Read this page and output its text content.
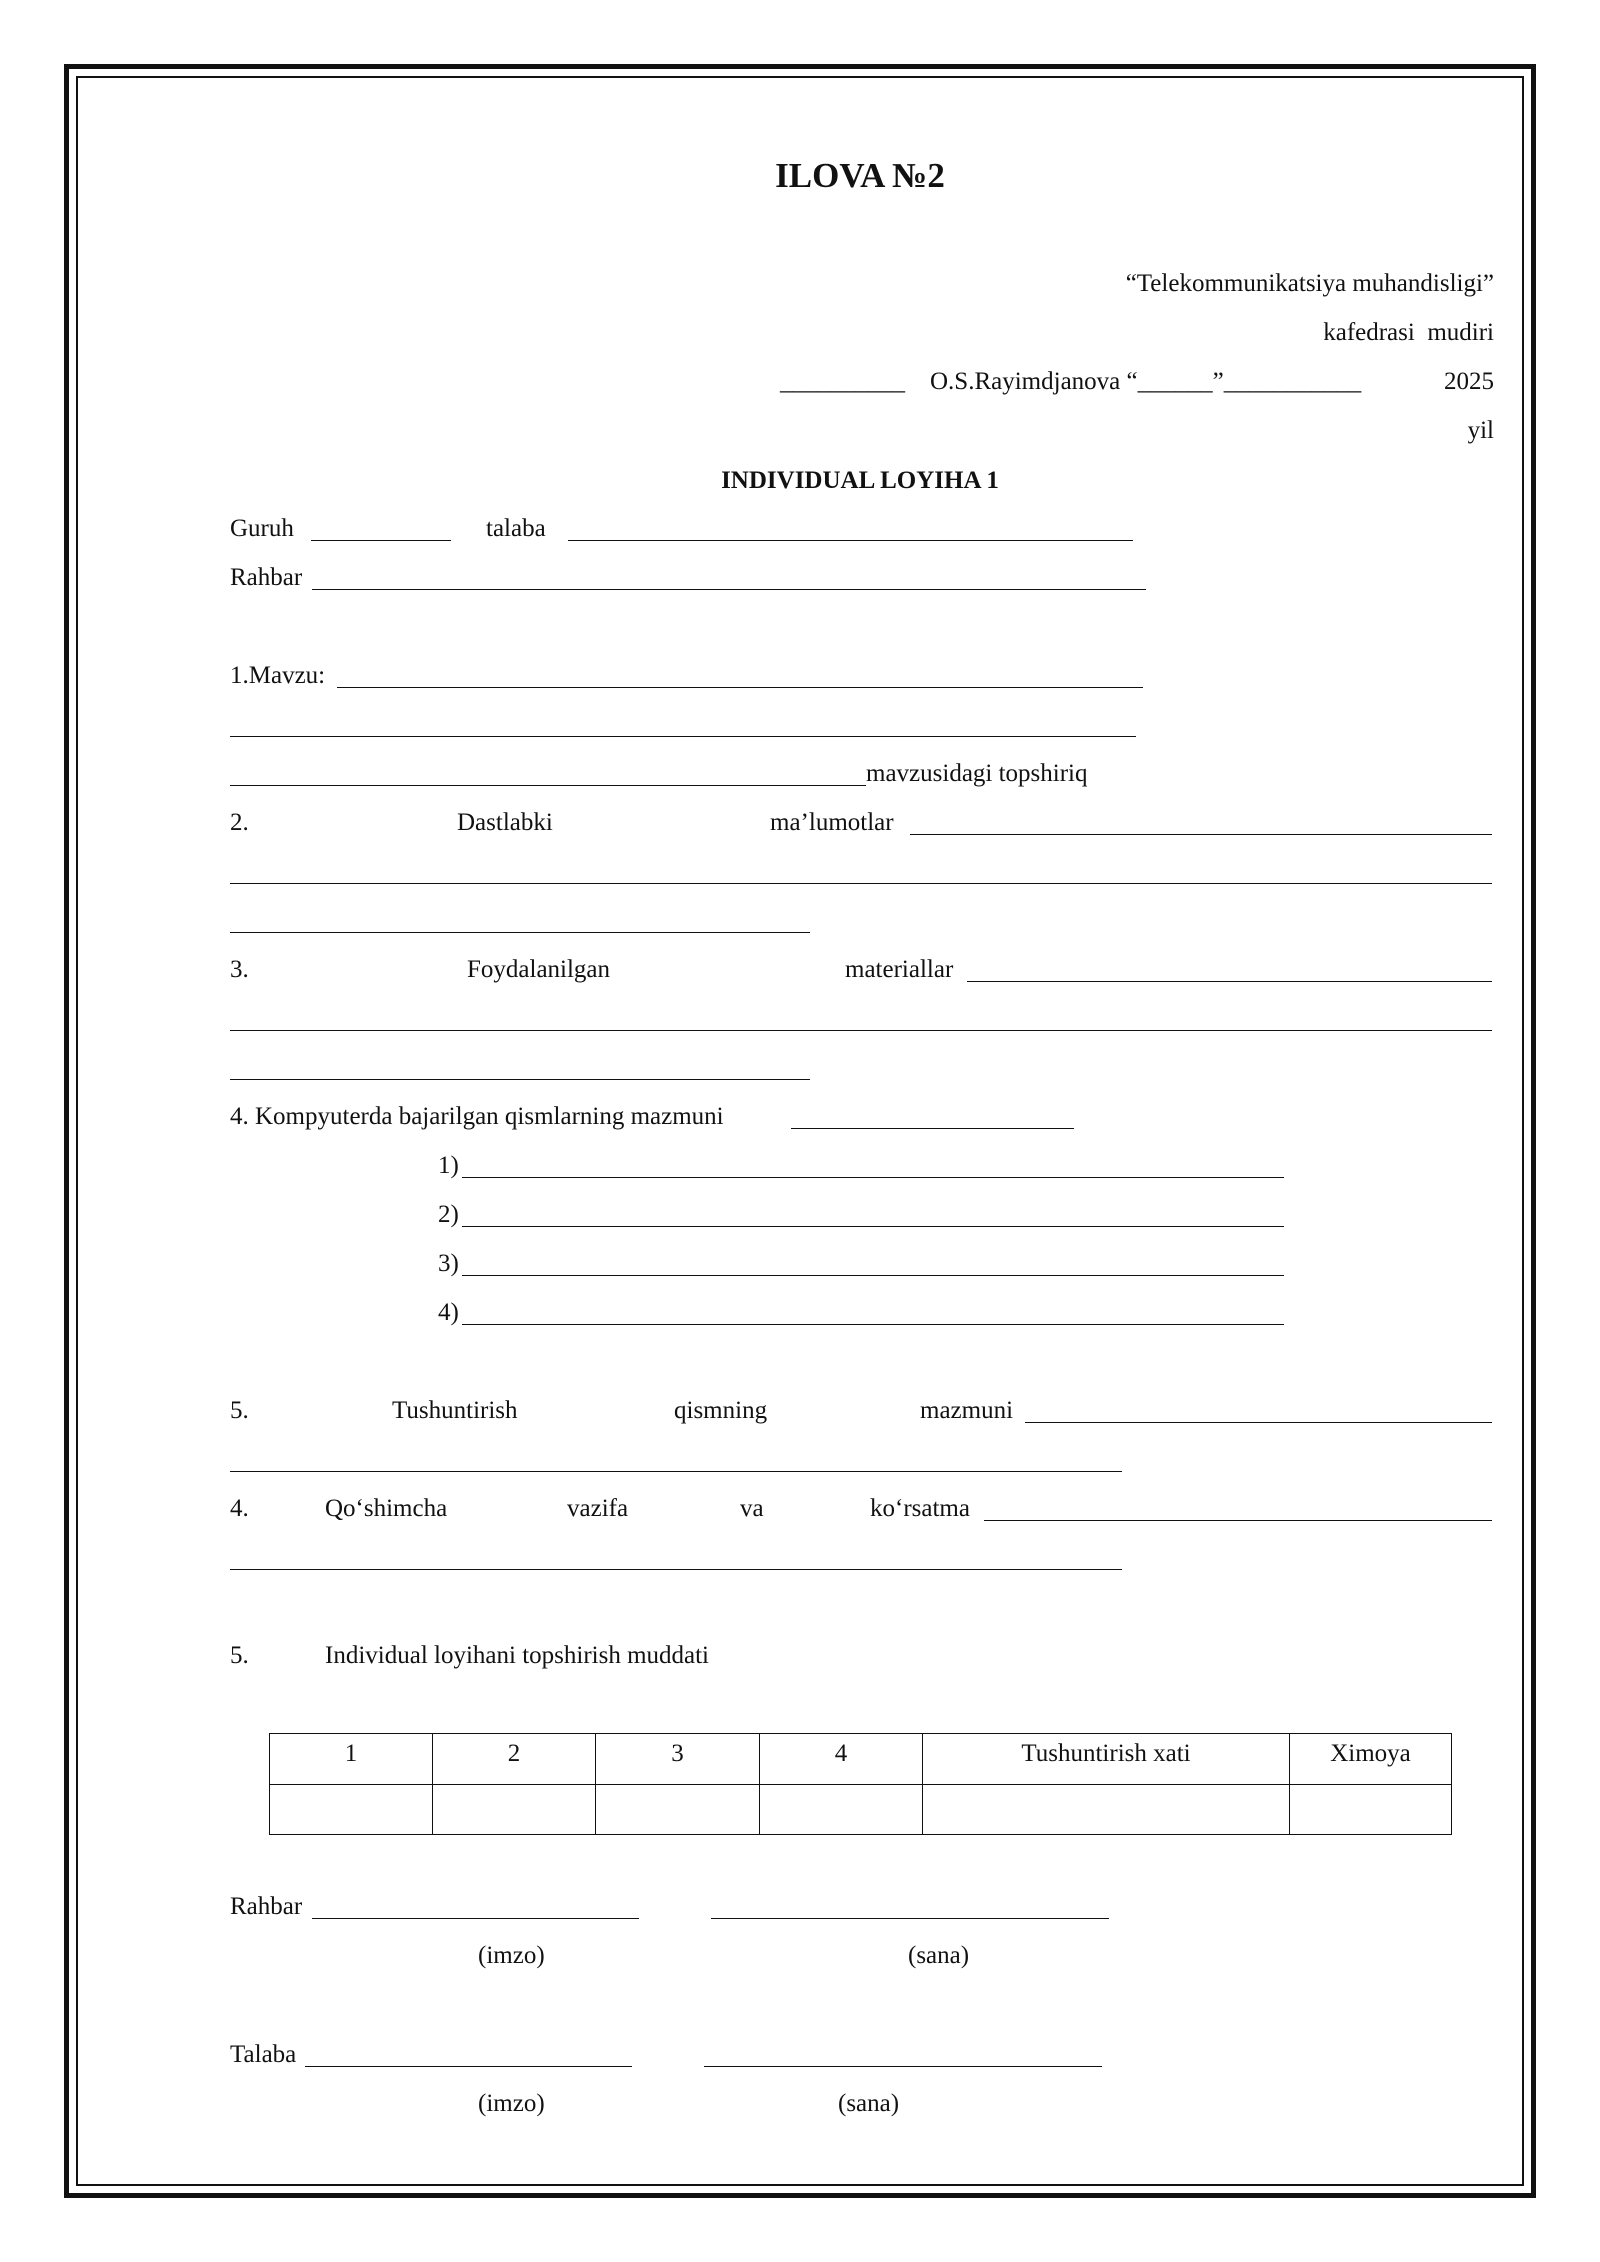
ILOVA №2
“Telekommunikatsiya muhandisligi”
kafedrasi  mudiri
__________ O.S.Rayimdjanova “______”___________	2025
yil
INDIVIDUAL LOYIHA 1
Guruh	talaba
Rahbar
1.Mavzu:
mavzusidagi topshiriq
2.	Dastlabki	ma’lumotlar
3.	Foydalanilgan	materiallar
4. Kompyuterda bajarilgan qismlarning mazmuni
1)
2)
3)
4)
5.	Tushuntirish	qismning	mazmuni
4.	Qo‘shimcha	vazifa	va	ko‘rsatma
5.	Individual loyihani topshirish muddati
1	2	3	4	Tushuntirish xati	Ximoya

Rahbar
(imzo)	(sana)
Talaba
(imzo)	(sana)
